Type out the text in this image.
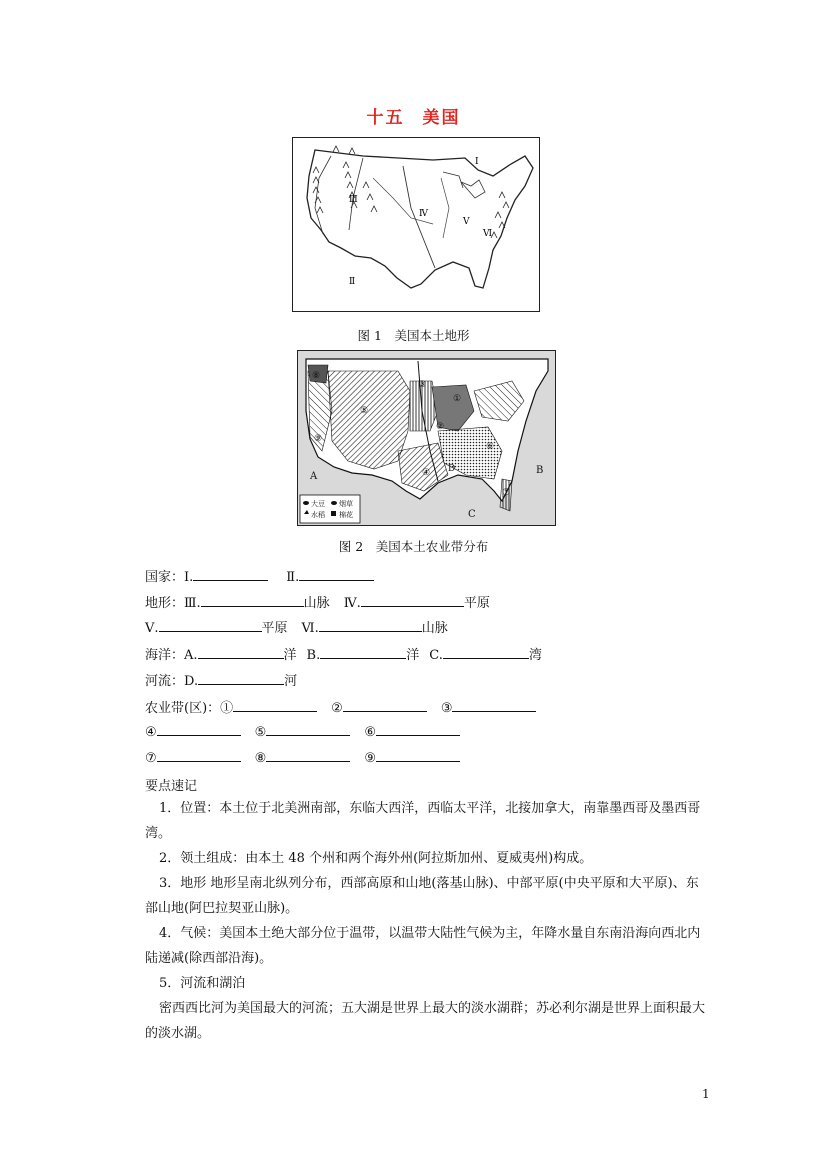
十五 美国
Ⅰ
Ⅱ
Ⅲ
Ⅳ
Ⅴ
Ⅵ
图 1　美国本土地形
①
②
③
④
⑤
⑥
⑦
⑧
⑨
A
B
C
D
大豆 烟草
水稻 棉花
图 2　美国本土农业带分布
国家：Ⅰ.	Ⅱ.
地形：Ⅲ.	山脉 Ⅳ.	平原
Ⅴ.	平原 Ⅵ.	山脉
海洋：A.	洋 B.	洋 C.	湾
河流：D.	河
农业带(区)：①	②	③
④	⑤	⑥
⑦	⑧	⑨
要点速记
1．位置：本土位于北美洲南部，东临大西洋，西临太平洋，北接加拿大，南靠墨西哥及墨西哥湾。
2．领土组成：由本土 48 个州和两个海外州(阿拉斯加州、夏威夷州)构成。
3．地形 地形呈南北纵列分布，西部高原和山地(落基山脉)、中部平原(中央平原和大平原)、东部山地(阿巴拉契亚山脉)。
4．气候：美国本土绝大部分位于温带，以温带大陆性气候为主，年降水量自东南沿海向西北内陆递减(除西部沿海)。
5．河流和湖泊
密西西比河为美国最大的河流；五大湖是世界上最大的淡水湖群；苏必利尔湖是世界上面积最大的淡水湖。
1
